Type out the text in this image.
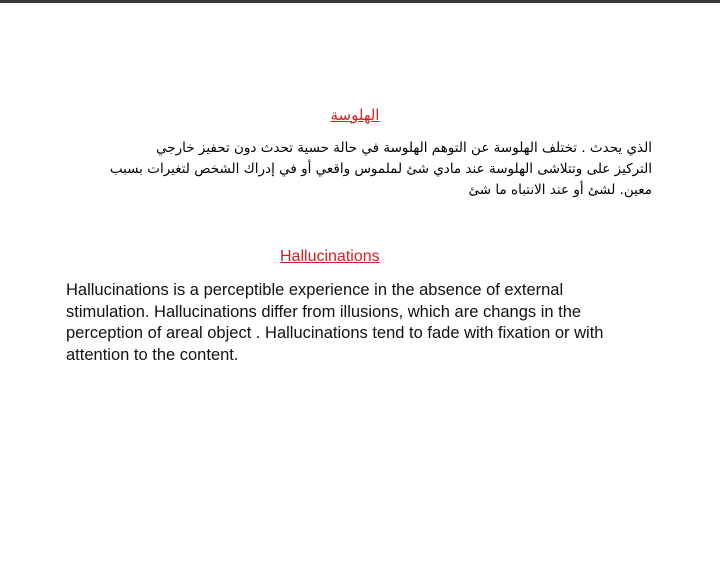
الهلوسة
الذي يحدث . تختلف الهلوسة عن التوهم الهلوسة في حالة حسية تحدث دون تحفيز خارجي
التركيز على وتتلاشى الهلوسة عند مادي شئ لملموس واقعي أو في إدراك الشخص لتغيرات بسبب
معين. لشئ أو عند الانتباه ما شئ
Hallucinations
Hallucinations is a perceptible experience in the absence of external
stimulation. Hallucinations differ from illusions, which are changs in the
perception of areal object . Hallucinations tend to fade with fixation or with
attention to the content.
